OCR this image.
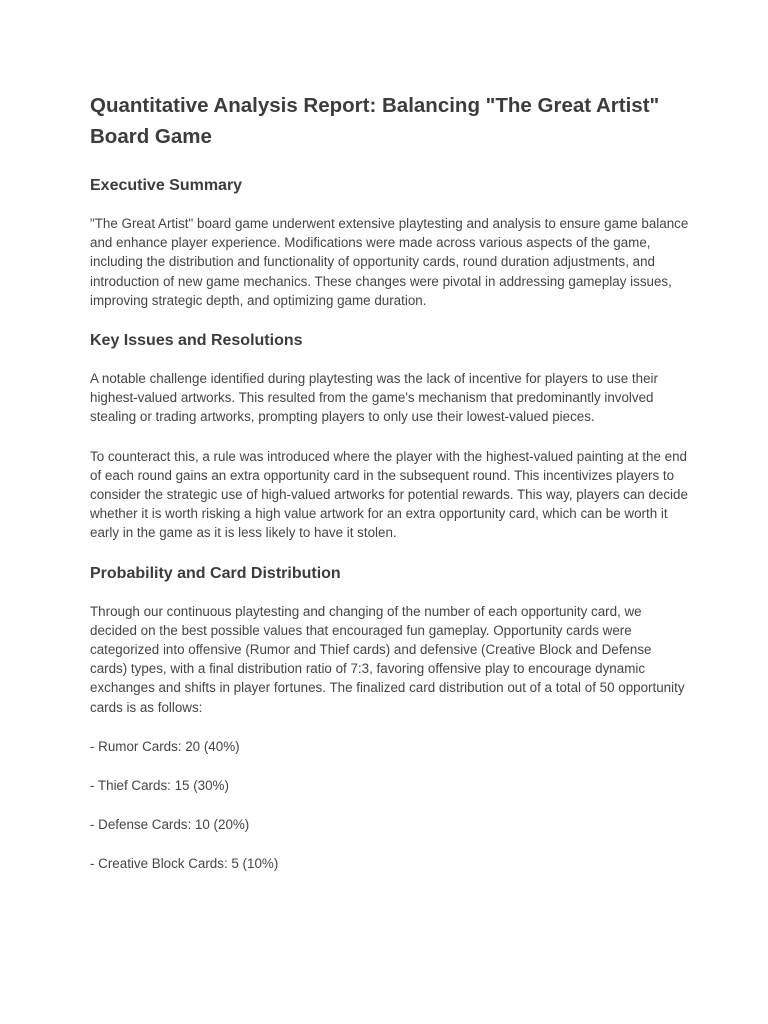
Quantitative Analysis Report: Balancing "The Great Artist" Board Game
Executive Summary

"The Great Artist" board game underwent extensive playtesting and analysis to ensure game balance and enhance player experience. Modifications were made across various aspects of the game, including the distribution and functionality of opportunity cards, round duration adjustments, and introduction of new game mechanics. These changes were pivotal in addressing gameplay issues, improving strategic depth, and optimizing game duration.

Key Issues and Resolutions

A notable challenge identified during playtesting was the lack of incentive for players to use their highest-valued artworks. This resulted from the game's mechanism that predominantly involved stealing or trading artworks, prompting players to only use their lowest-valued pieces.

To counteract this, a rule was introduced where the player with the highest-valued painting at the end of each round gains an extra opportunity card in the subsequent round. This incentivizes players to consider the strategic use of high-valued artworks for potential rewards. This way, players can decide whether it is worth risking a high value artwork for an extra opportunity card, which can be worth it early in the game as it is less likely to have it stolen.

Probability and Card Distribution

Through our continuous playtesting and changing of the number of each opportunity card, we decided on the best possible values that encouraged fun gameplay. Opportunity cards were categorized into offensive (Rumor and Thief cards) and defensive (Creative Block and Defense cards) types, with a final distribution ratio of 7:3, favoring offensive play to encourage dynamic exchanges and shifts in player fortunes. The finalized card distribution out of a total of 50 opportunity cards is as follows:

- Rumor Cards: 20 (40%)

- Thief Cards: 15 (30%)

- Defense Cards: 10 (20%)

- Creative Block Cards: 5 (10%)
